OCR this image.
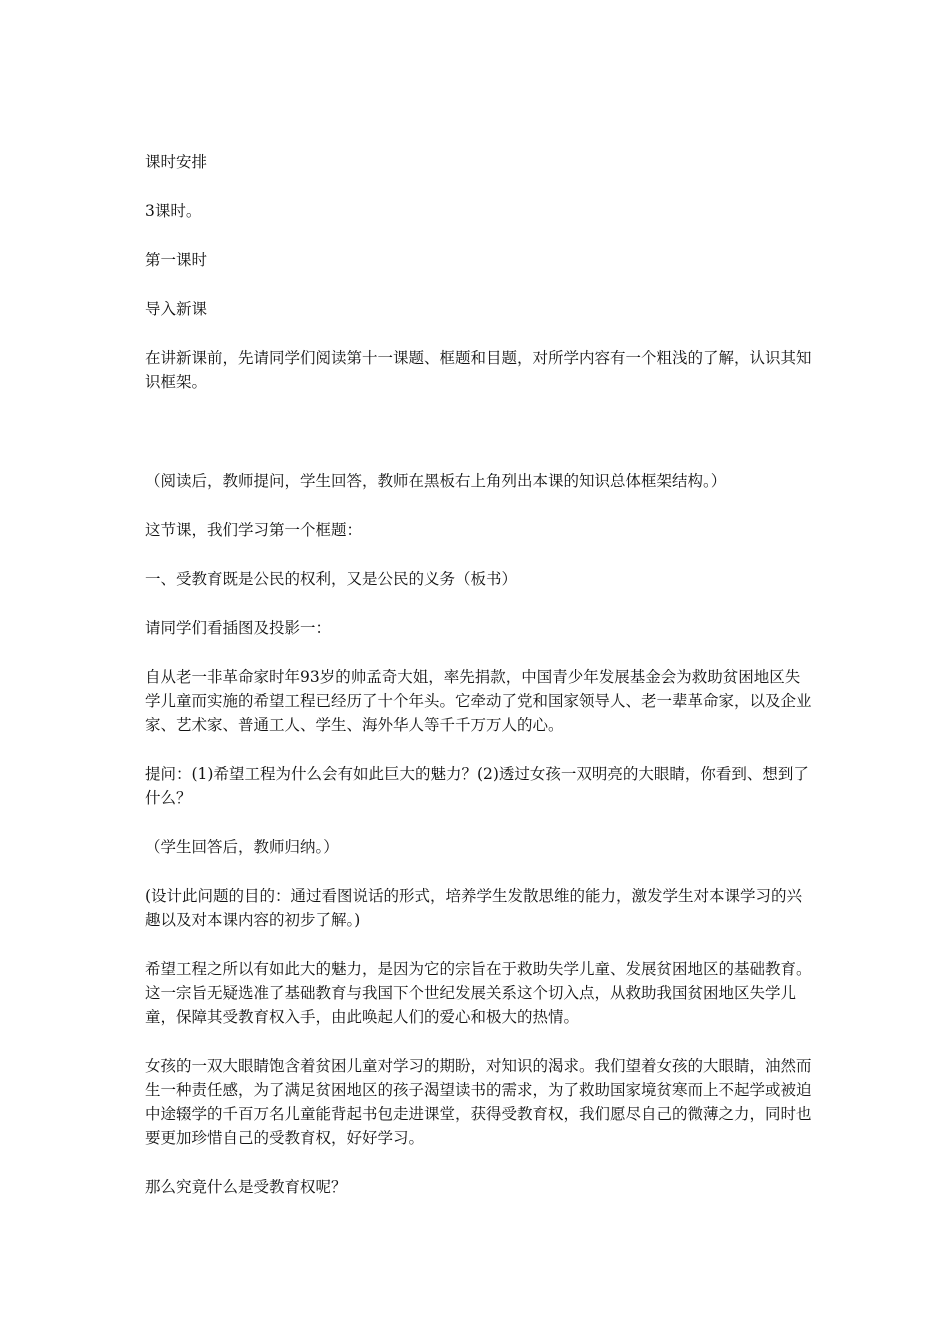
课时安排

3课时。

第一课时

导入新课

在讲新课前，先请同学们阅读第十一课题、框题和目题，对所学内容有一个粗浅的了解，认识其知识框架。

（阅读后，教师提问，学生回答，教师在黑板右上角列出本课的知识总体框架结构。）

这节课，我们学习第一个框题：

一、受教育既是公民的权利，又是公民的义务（板书）

请同学们看插图及投影一：

自从老一非革命家时年93岁的帅孟奇大姐，率先捐款，中国青少年发展基金会为救助贫困地区失学儿童而实施的希望工程已经历了十个年头。它牵动了党和国家领导人、老一辈革命家，以及企业家、艺术家、普通工人、学生、海外华人等千千万万人的心。

提问：(1)希望工程为什么会有如此巨大的魅力？(2)透过女孩一双明亮的大眼睛，你看到、想到了什么？

（学生回答后，教师归纳。）

(设计此问题的目的：通过看图说话的形式，培养学生发散思维的能力，激发学生对本课学习的兴趣以及对本课内容的初步了解。)

希望工程之所以有如此大的魅力，是因为它的宗旨在于救助失学儿童、发展贫困地区的基础教育。这一宗旨无疑选准了基础教育与我国下个世纪发展关系这个切入点，从救助我国贫困地区失学儿童，保障其受教育权入手，由此唤起人们的爱心和极大的热情。

女孩的一双大眼睛饱含着贫困儿童对学习的期盼，对知识的渴求。我们望着女孩的大眼睛，油然而生一种责任感，为了满足贫困地区的孩子渴望读书的需求，为了救助国家境贫寒而上不起学或被迫中途辍学的千百万名儿童能背起书包走进课堂，获得受教育权，我们愿尽自己的微薄之力，同时也要更加珍惜自己的受教育权，好好学习。

那么究竟什么是受教育权呢？
